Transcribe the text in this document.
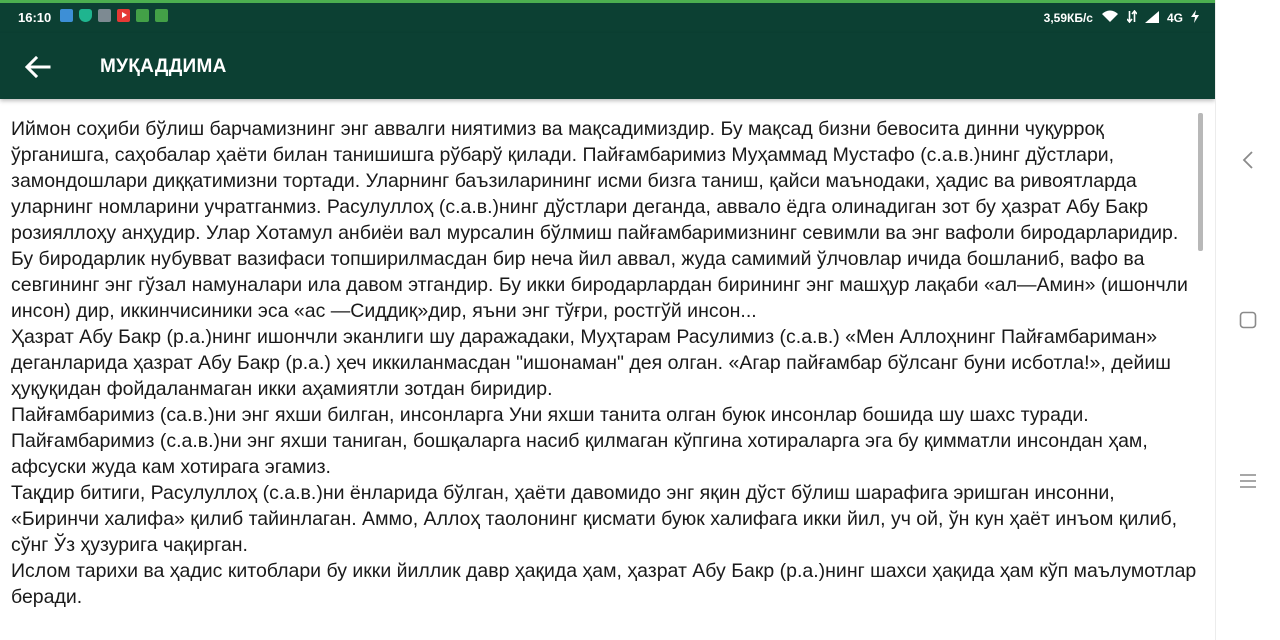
16:10	3,59КБ/с	4G
МУҚАДДИМА

Иймон соҳиби бўлиш барчамизнинг энг аввалги ниятимиз ва мақсадимиздир. Бу мақсад бизни бевосита динни чуқурроқ ўрганишга, саҳобалар ҳаёти билан танишишга рўбарў қилади. Пайғамбаримиз Муҳаммад Мустафо (с.а.в.)нинг дўстлари, замондошлари диққатимизни тортади. Уларнинг баъзиларининг исми бизга таниш, қайси маънодаки, ҳадис ва ривоятларда уларнинг номларини учратганмиз. Расулуллоҳ (с.а.в.)нинг дўстлари деганда, аввало ёдга олинадиган зот бу ҳазрат Абу Бакр розияллоҳу анҳудир. Улар Хотамул анбиёи вал мурсалин бўлмиш пайғамбаримизнинг севимли ва энг вафоли биродарларидир. Бу биродарлик нубувват вазифаси топширилмасдан бир неча йил аввал, жуда самимий ўлчовлар ичида бошланиб, вафо ва севгининг энг гўзал намуналари ила давом этгандир. Бу икки биродарлардан бирининг энг машҳур лақаби «ал—Амин» (ишончли инсон) дир, иккинчисиники эса «ас —Сиддиқ»дир, яъни энг тўғри, ростгўй инсон...

Ҳазрат Абу Бакр (р.а.)нинг ишончли эканлиги шу даражадаки, Муҳтарам Расулимиз (с.а.в.) «Мен Аллоҳнинг Пайғамбариман» деганларида ҳазрат Абу Бакр (р.а.) ҳеч иккиланмасдан "ишонаман" дея олган. «Агар пайғамбар бўлсанг буни исботла!», дейиш ҳуқуқидан фойдаланмаган икки аҳамиятли зотдан биридир.

Пайғамбаримиз (са.в.)ни энг яхши билган, инсонларга Уни яхши танита олган буюк инсонлар бошида шу шахс туради.

Пайғамбаримиз (с.а.в.)ни энг яхши таниган, бошқаларга насиб қилмаган кўпгина хотираларга эга бу қимматли инсондан ҳам, афсуски жуда кам хотирага эгамиз.

Тақдир битиги, Расулуллоҳ (с.а.в.)ни ёнларида бўлган, ҳаёти давомидо энг яқин дўст бўлиш шарафига эришган инсонни, «Биринчи халифа» қилиб тайинлаган. Аммо, Аллоҳ таолонинг қисмати буюк халифага икки йил, уч ой, ўн кун ҳаёт инъом қилиб, сўнг Ўз ҳузурига чақирган.

Ислом тарихи ва ҳадис китоблари бу икки йиллик давр ҳақида ҳам, ҳазрат Абу Бакр (р.а.)нинг шахси ҳақида ҳам кўп маълумотлар беради.
